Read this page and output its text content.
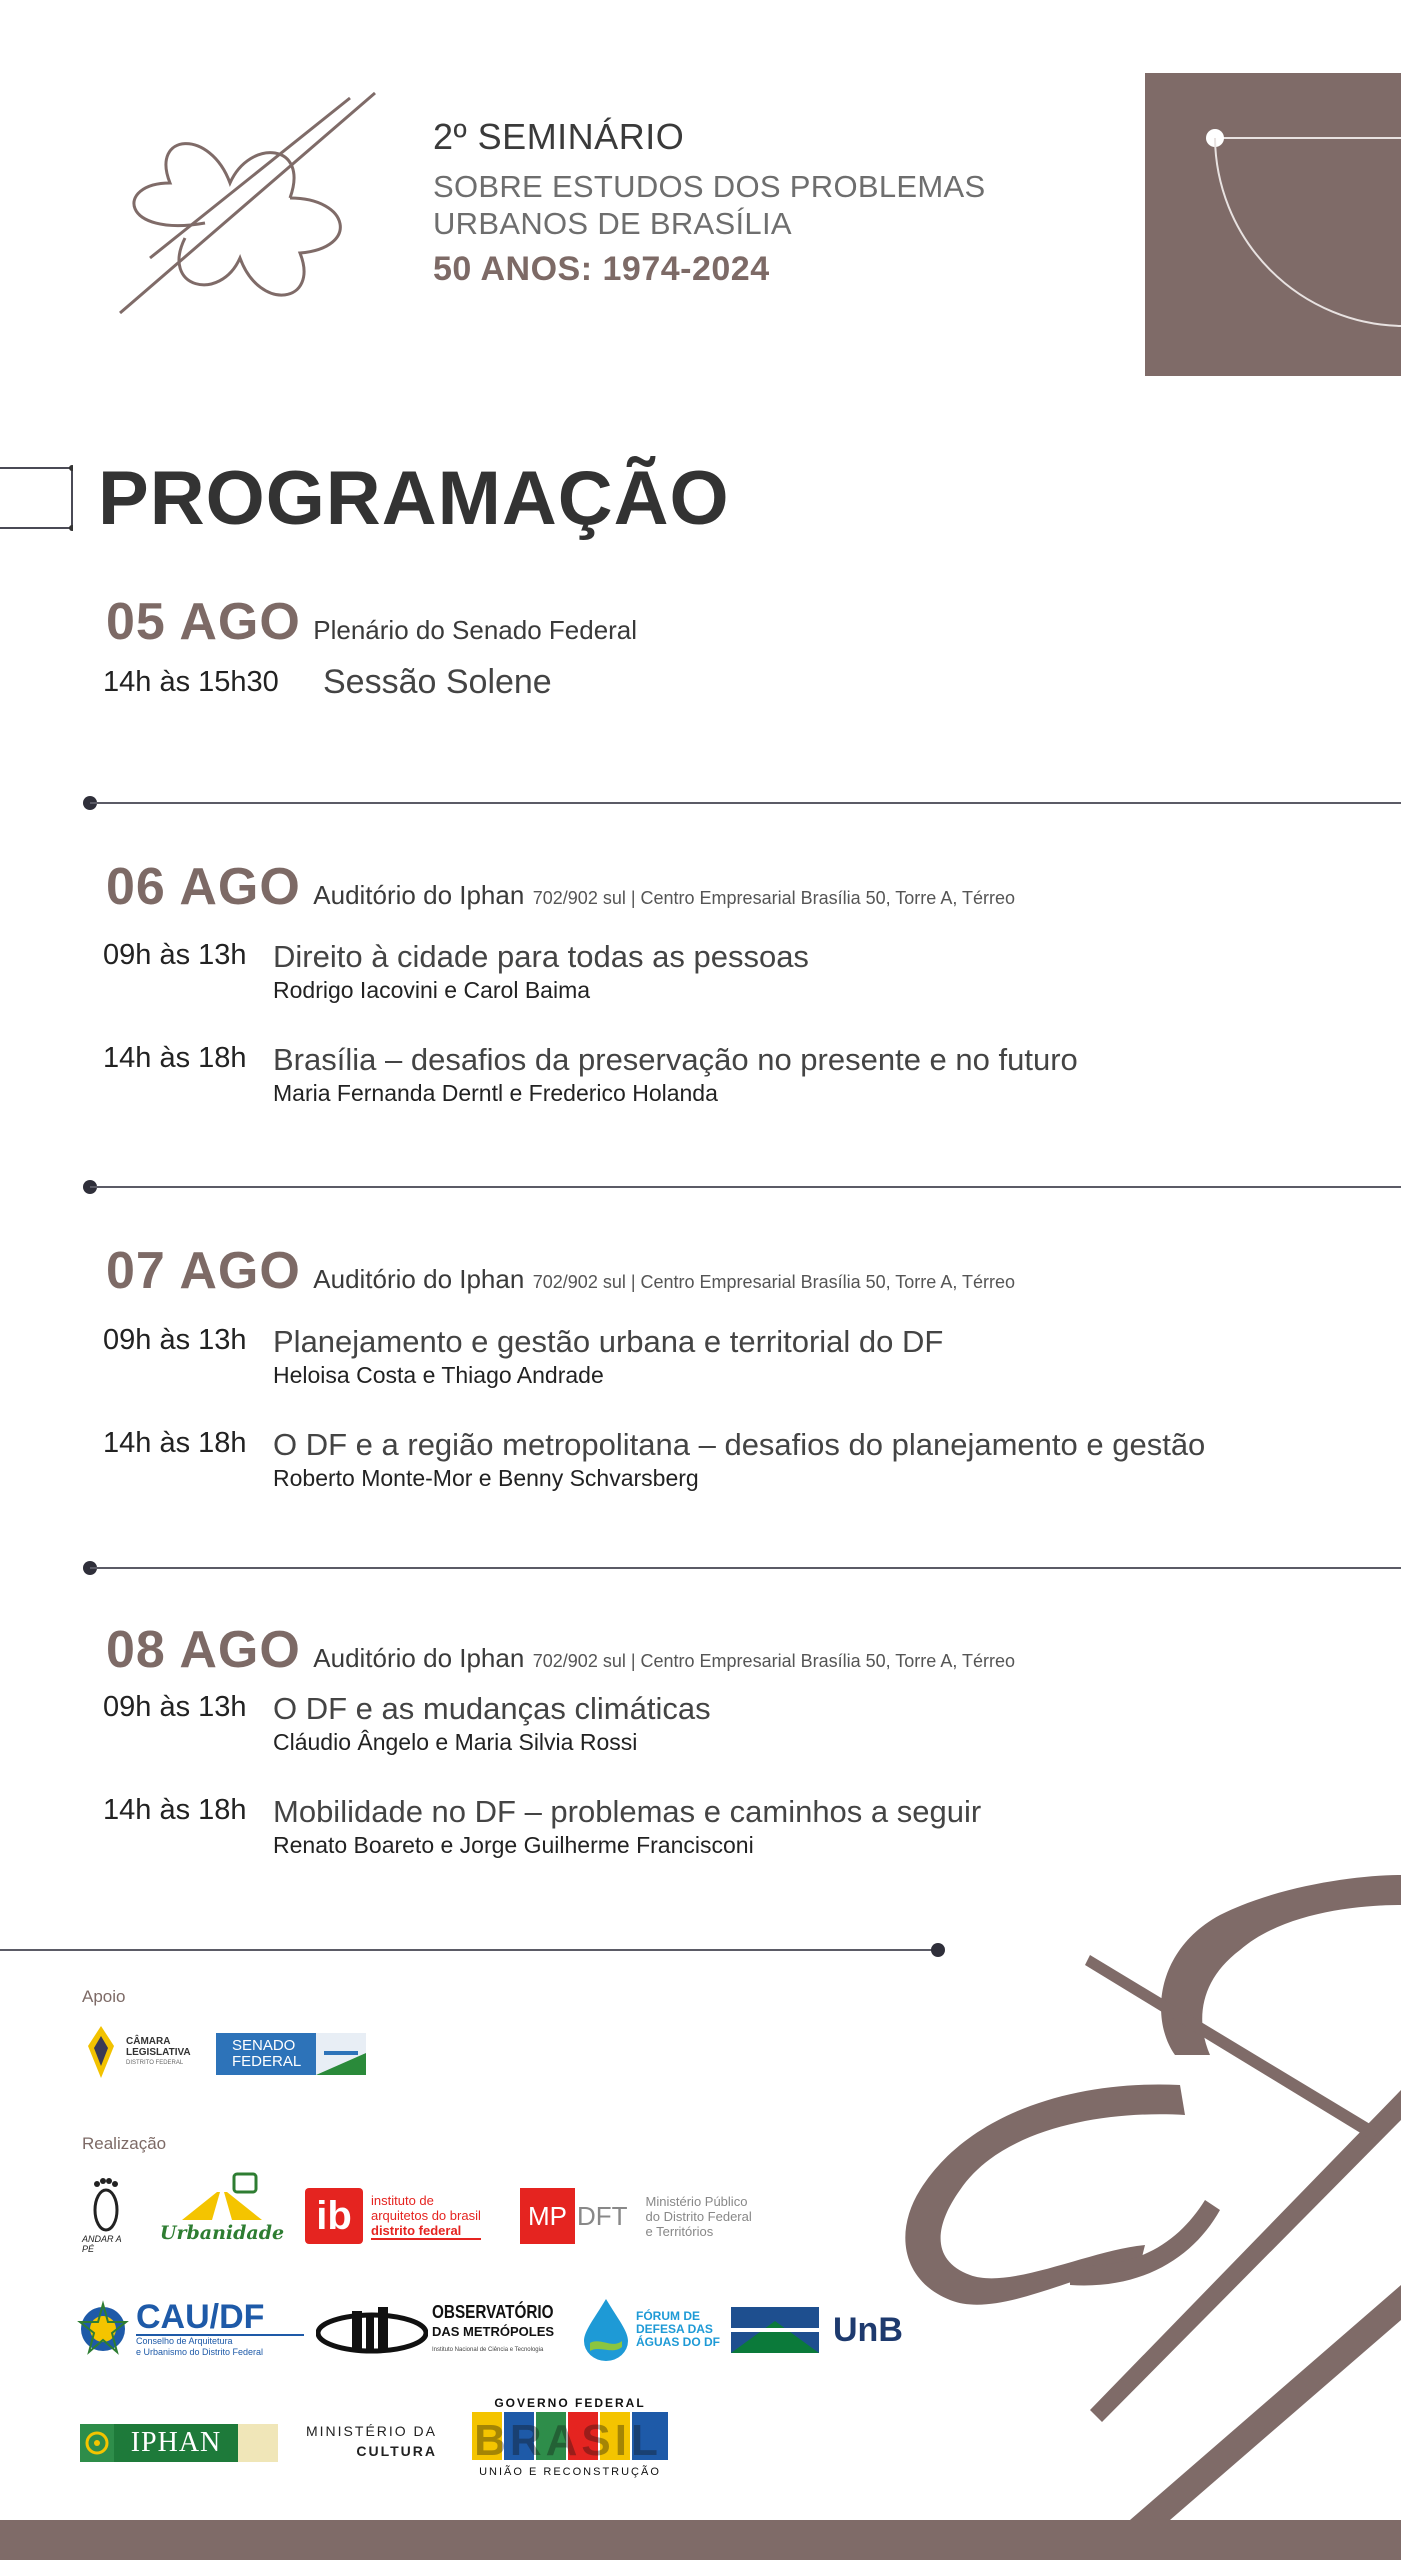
2º SEMINÁRIO
SOBRE ESTUDOS DOS PROBLEMAS
URBANOS DE BRASÍLIA
50 ANOS: 1974-2024
PROGRAMAÇÃO
05 AGO Plenário do Senado Federal
14h às 15h30 Sessão Solene
06 AGO Auditório do Iphan 702/902 sul | Centro Empresarial Brasília 50, Torre A, Térreo
09h às 13h Direito à cidade para todas as pessoas
Rodrigo Iacovini e Carol Baima
14h às 18h Brasília – desafios da preservação no presente e no futuro
Maria Fernanda Derntl e Frederico Holanda
07 AGO Auditório do Iphan 702/902 sul | Centro Empresarial Brasília 50, Torre A, Térreo
09h às 13h Planejamento e gestão urbana e territorial do DF
Heloisa Costa e Thiago Andrade
14h às 18h O DF e a região metropolitana – desafios do planejamento e gestão
Roberto Monte-Mor e Benny Schvarsberg
08 AGO Auditório do Iphan 702/902 sul | Centro Empresarial Brasília 50, Torre A, Térreo
09h às 13h O DF e as mudanças climáticas
Cláudio Ângelo e Maria Silvia Rossi
14h às 18h Mobilidade no DF – problemas e caminhos a seguir
Renato Boareto e Jorge Guilherme Francisconi
Apoio
CÂMARA
LEGISLATIVA
DISTRITO FEDERAL
SENADO
FEDERAL
Realização
ANDAR A PÉ
Urbanidade ib	instituto de
arquitetos do brasil
distrito federal	MP DFT Ministério Público
do Distrito Federal
e Territórios
CAU/DF
Conselho de Arquitetura
e Urbanismo do Distrito Federal
OBSERVATÓRIO
DAS METRÓPOLES
Instituto Nacional de Ciência e Tecnologia
FÓRUM DE
DEFESA DAS
ÁGUAS DO DF	UnB
IPHAN	MINISTÉRIO DA
CULTURA
GOVERNO FEDERAL
BRASIL
UNIÃO E RECONSTRUÇÃO
